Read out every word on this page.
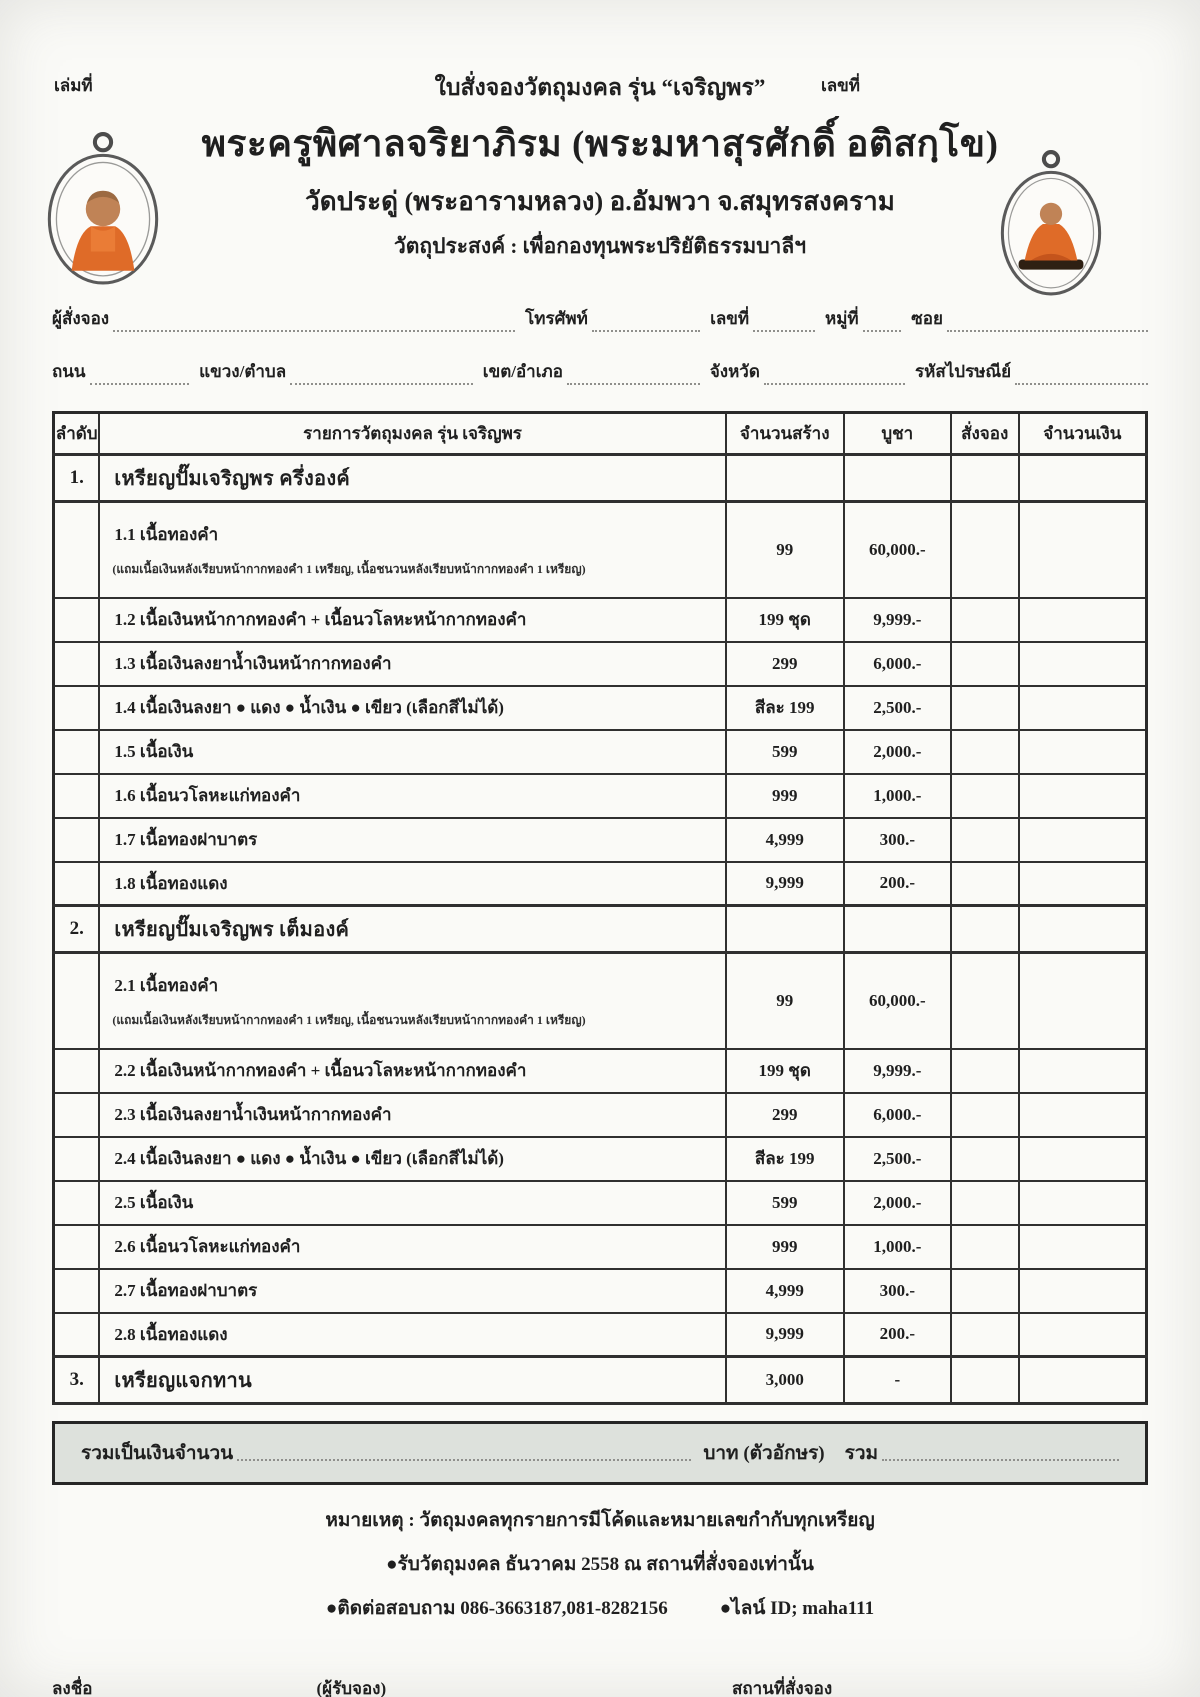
เล่มที่	ใบสั่งจองวัตถุมงคล รุ่น “เจริญพร”	เลขที่
พระครูพิศาลจริยาภิรม (พระมหาสุรศักดิ์ อติสกฺโข)
วัดประดู่ (พระอารามหลวง) อ.อัมพวา จ.สมุทรสงคราม
วัตถุประสงค์ : เพื่อกองทุนพระปริยัติธรรมบาลีฯ
ผู้สั่งจอง	โทรศัพท์	เลขที่	หมู่ที่	ซอย
ถนน	แขวง/ตำบล	เขต/อำเภอ	จังหวัด	รหัสไปรษณีย์
ลำดับ	รายการวัตถุมงคล รุ่น เจริญพร	จำนวนสร้าง	บูชา	สั่งจอง	จำนวนเงิน
1.	เหรียญปั๊มเจริญพร ครึ่งองค์				

	1.1 เนื้อทองคำ
(แถมเนื้อเงินหลังเรียบหน้ากากทองคำ 1 เหรียญ, เนื้อชนวนหลังเรียบหน้ากากทองคำ 1 เหรียญ)	99	60,000.-		

	1.2 เนื้อเงินหน้ากากทองคำ + เนื้อนวโลหะหน้ากากทองคำ	199 ชุด	9,999.-		

	1.3 เนื้อเงินลงยาน้ำเงินหน้ากากทองคำ	299	6,000.-		

	1.4 เนื้อเงินลงยา ● แดง ● น้ำเงิน ● เขียว (เลือกสีไม่ได้)	สีละ 199	2,500.-		

	1.5 เนื้อเงิน	599	2,000.-		

	1.6 เนื้อนวโลหะแก่ทองคำ	999	1,000.-		

	1.7 เนื้อทองฝาบาตร	4,999	300.-		

	1.8 เนื้อทองแดง	9,999	200.-		
2.	เหรียญปั๊มเจริญพร เต็มองค์				

	2.1 เนื้อทองคำ
(แถมเนื้อเงินหลังเรียบหน้ากากทองคำ 1 เหรียญ, เนื้อชนวนหลังเรียบหน้ากากทองคำ 1 เหรียญ)	99	60,000.-		

	2.2 เนื้อเงินหน้ากากทองคำ + เนื้อนวโลหะหน้ากากทองคำ	199 ชุด	9,999.-		

	2.3 เนื้อเงินลงยาน้ำเงินหน้ากากทองคำ	299	6,000.-		

	2.4 เนื้อเงินลงยา ● แดง ● น้ำเงิน ● เขียว (เลือกสีไม่ได้)	สีละ 199	2,500.-		

	2.5 เนื้อเงิน	599	2,000.-		

	2.6 เนื้อนวโลหะแก่ทองคำ	999	1,000.-		

	2.7 เนื้อทองฝาบาตร	4,999	300.-		

	2.8 เนื้อทองแดง	9,999	200.-		
3.	เหรียญแจกทาน	3,000	-		
รวมเป็นเงินจำนวน	บาท (ตัวอักษร) รวม
หมายเหตุ : วัตถุมงคลทุกรายการมีโค้ดและหมายเลขกำกับทุกเหรียญ
●รับวัตถุมงคล ธันวาคม 2558 ณ สถานที่สั่งจองเท่านั้น
●ติดต่อสอบถาม 086-3663187,081-8282156	●ไลน์ ID; maha111
ลงชื่อ	(ผู้รับจอง)	สถานที่สั่งจอง
